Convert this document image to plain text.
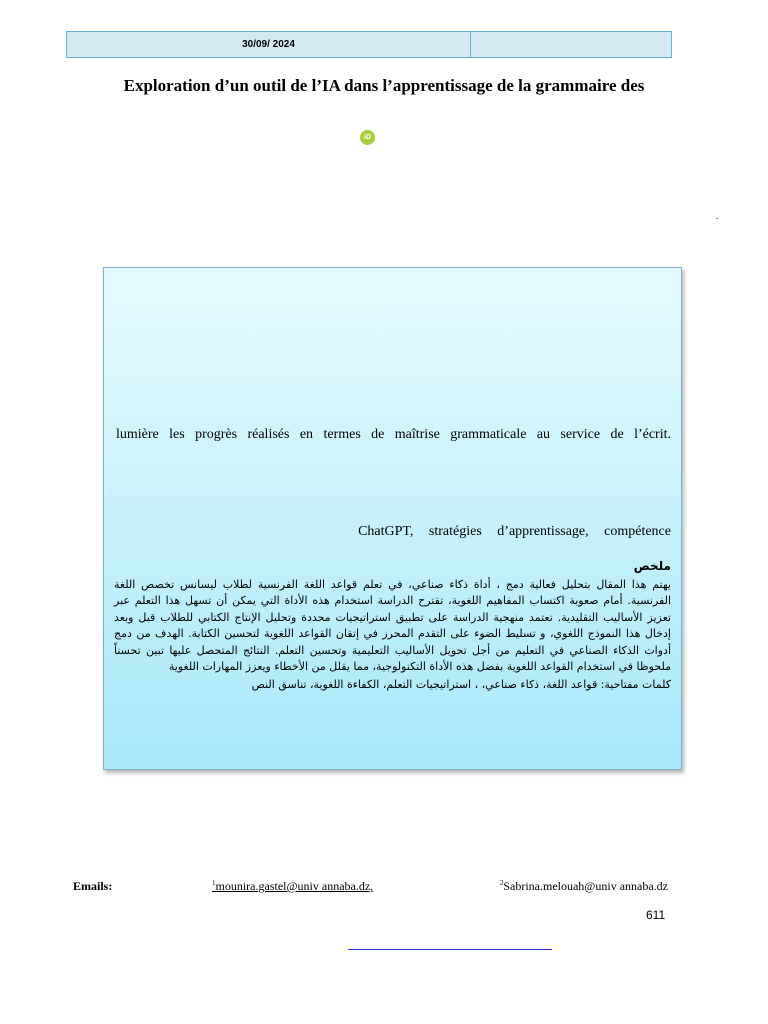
30/09/ 2024
Exploration d’un outil de l’IA dans l’apprentissage de la grammaire des
iD
.
lumière les progrès réalisés en termes de maîtrise grammaticale au service de l’écrit.
ChatGPT, stratégies d’apprentissage, compétence
ملخص

يهتم هذا المقال بتحليل فعالية دمج ، أداة ذكاء صناعي، في تعلم قواعد اللغة الفرنسية لطلاب ليسانس تخصص اللغة الفرنسية. أمام صعوبة اكتساب المفاهيم اللغوية، تقترح الدراسة استخدام هذه الأداة التي يمكن أن تسهل هذا التعلم عبر تعزيز الأساليب التقليدية. تعتمد منهجية الدراسة على تطبيق استراتيجيات محددة وتحليل الإنتاج الكتابي للطلاب قبل وبعد إدخال هذا النموذج اللغوي، و تسليط الضوء على التقدم المحرز في إتقان القواعد اللغوية لتحسين الكتابة. الهدف من دمج أدوات الذكاء الصناعي في التعليم من أجل تحويل الأساليب التعليمية وتحسين التعلم. النتائج المتحصل عليها تبين تحسناً ملحوظا في استخدام القواعد اللغوية بفضل هذه الأداة التكنولوجية، مما يقلل من الأخطاء ويعزز المهارات اللغوية

كلمات مفتاحية: قواعد اللغة، ذكاء صناعي، ، استراتيجيات التعلم، الكفاءة اللغوية، تناسق النص

Emails:	$^1$mounira.gastel@univ annaba.dz,	$^2$Sabrina.melouah@univ annaba.dz
611
